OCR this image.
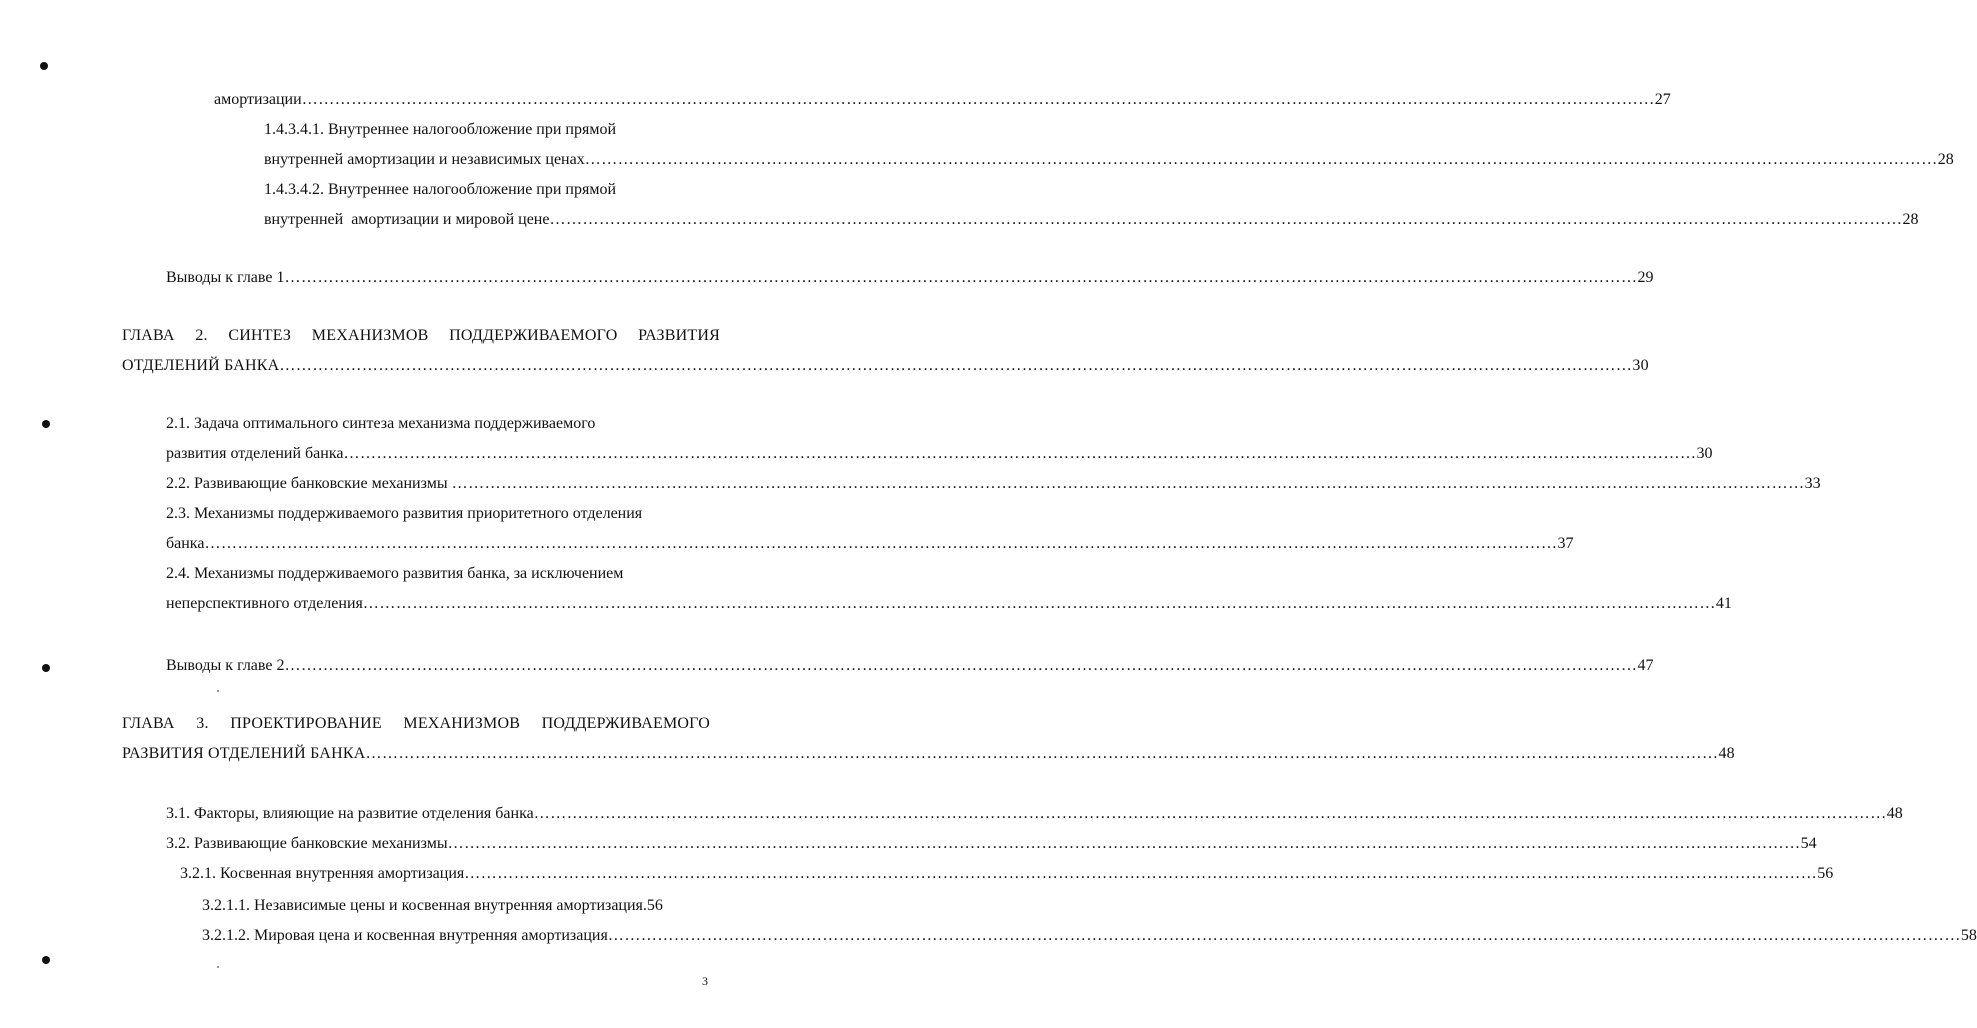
амортизации ………………………………………………………………………………………………………………………………………………………………………………………………………………………… 27
1.4.3.4.1. Внутреннее налогообложение при прямой
внутренней амортизации и независимых ценах ………………………………………………………………………………………………………………………………………………………………………………………………………………………… 28
1.4.3.4.2. Внутреннее налогообложение при прямой
внутренней  амортизации и мировой цене ………………………………………………………………………………………………………………………………………………………………………………………………………………………… 28
Выводы к главе 1 ………………………………………………………………………………………………………………………………………………………………………………………………………………………… 29
ГЛАВА 2. СИНТЕЗ МЕХАНИЗМОВ ПОДДЕРЖИВАЕМОГО РАЗВИТИЯ
ОТДЕЛЕНИЙ БАНКА ………………………………………………………………………………………………………………………………………………………………………………………………………………………… 30
2.1. Задача оптимального синтеза механизма поддерживаемого
развития отделений банка ………………………………………………………………………………………………………………………………………………………………………………………………………………………… 30
2.2. Развивающие банковские механизмы ………………………………………………………………………………………………………………………………………………………………………………………………………………………… 33
2.3. Механизмы поддерживаемого развития приоритетного отделения
банка ………………………………………………………………………………………………………………………………………………………………………………………………………………………… 37
2.4. Механизмы поддерживаемого развития банка, за исключением
неперспективного отделения ………………………………………………………………………………………………………………………………………………………………………………………………………………………… 41
Выводы к главе 2 ………………………………………………………………………………………………………………………………………………………………………………………………………………………… 47
ГЛАВА 3. ПРОЕКТИРОВАНИЕ МЕХАНИЗМОВ ПОДДЕРЖИВАЕМОГО
РАЗВИТИЯ ОТДЕЛЕНИЙ БАНКА ………………………………………………………………………………………………………………………………………………………………………………………………………………………… 48
3.1. Факторы, влияющие на развитие отделения банка ………………………………………………………………………………………………………………………………………………………………………………………………………………………… 48
3.2. Развивающие банковские механизмы ………………………………………………………………………………………………………………………………………………………………………………………………………………………… 54
3.2.1. Косвенная внутренняя амортизация ………………………………………………………………………………………………………………………………………………………………………………………………………………………… 56
3.2.1.1. Независимые цены и косвенная внутренняя амортизация.56
3.2.1.2. Мировая цена и косвенная внутренняя амортизация ………………………………………………………………………………………………………………………………………………………………………………………………………………………… 58
3
